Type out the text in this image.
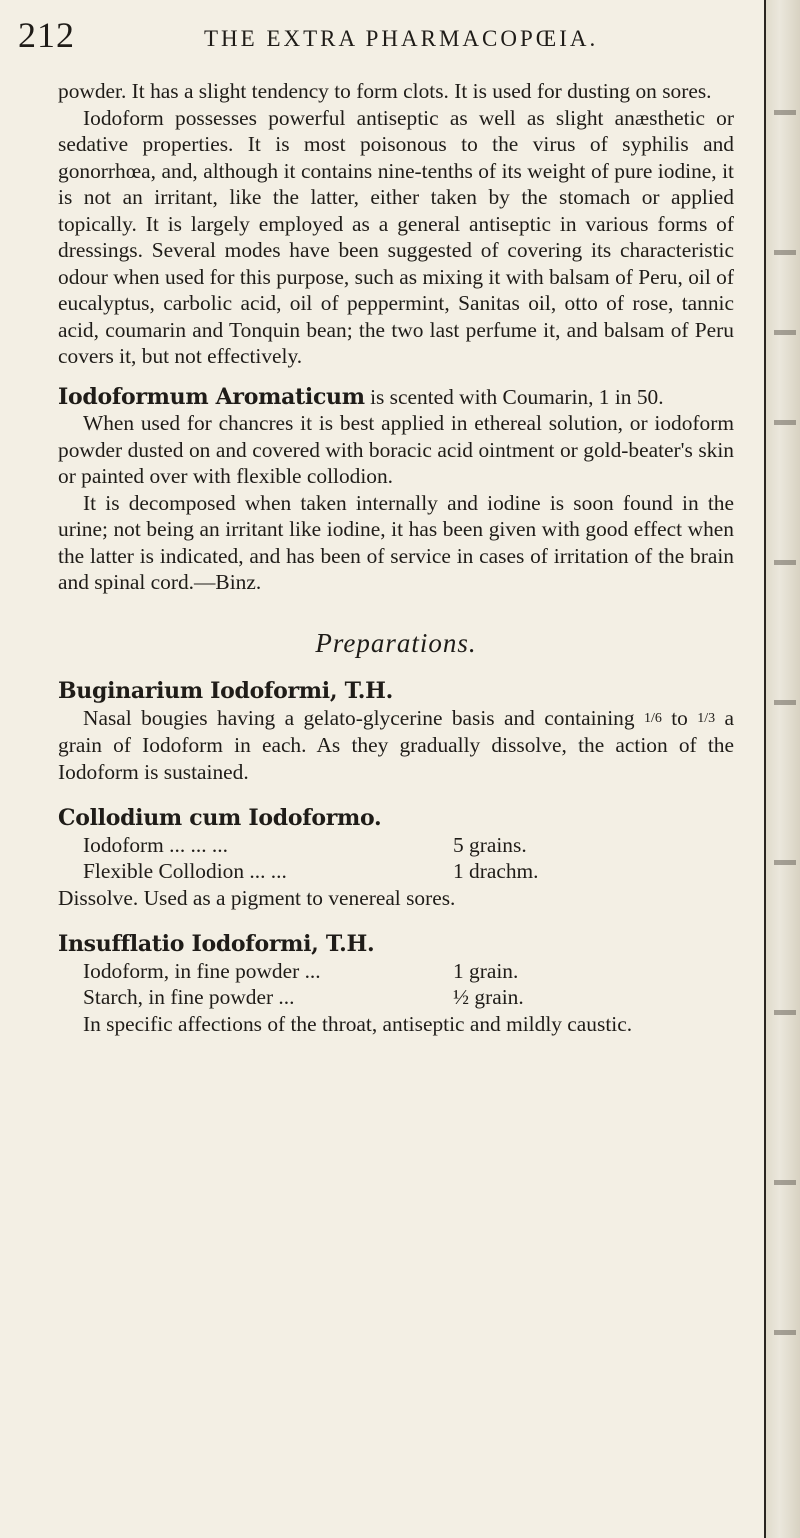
212	THE EXTRA PHARMACOPŒIA.

powder. It has a slight tendency to form clots. It is used for dusting on sores.

Iodoform possesses powerful antiseptic as well as slight anæsthetic or sedative properties. It is most poisonous to the virus of syphilis and gonorrhœa, and, although it contains nine-tenths of its weight of pure iodine, it is not an irritant, like the latter, either taken by the stomach or applied topically. It is largely employed as a general antiseptic in various forms of dressings. Several modes have been suggested of covering its characteristic odour when used for this purpose, such as mixing it with balsam of Peru, oil of eucalyptus, carbolic acid, oil of peppermint, Sanitas oil, otto of rose, tannic acid, coumarin and Tonquin bean; the two last perfume it, and balsam of Peru covers it, but not effectively.

Iodoformum Aromaticum is scented with Coumarin, 1 in 50.

When used for chancres it is best applied in ethereal solution, or iodoform powder dusted on and covered with boracic acid ointment or gold-beater's skin or painted over with flexible collodion.

It is decomposed when taken internally and iodine is soon found in the urine; not being an irritant like iodine, it has been given with good effect when the latter is indicated, and has been of service in cases of irritation of the brain and spinal cord.—Binz.

Preparations.

Buginarium Iodoformi, T.H.

Nasal bougies having a gelato-glycerine basis and containing 1/6 to 1/3 a grain of Iodoform in each. As they gradually dissolve, the action of the Iodoform is sustained.

Collodium cum Iodoformo.

Iodoform ... ... ...	5 grains.
Flexible Collodion ... ...	1 drachm.

Dissolve. Used as a pigment to venereal sores.

Insufflatio Iodoformi, T.H.

Iodoform, in fine powder ...	1 grain.
Starch, in fine powder ...	½ grain.

In specific affections of the throat, antiseptic and mildly caustic.
